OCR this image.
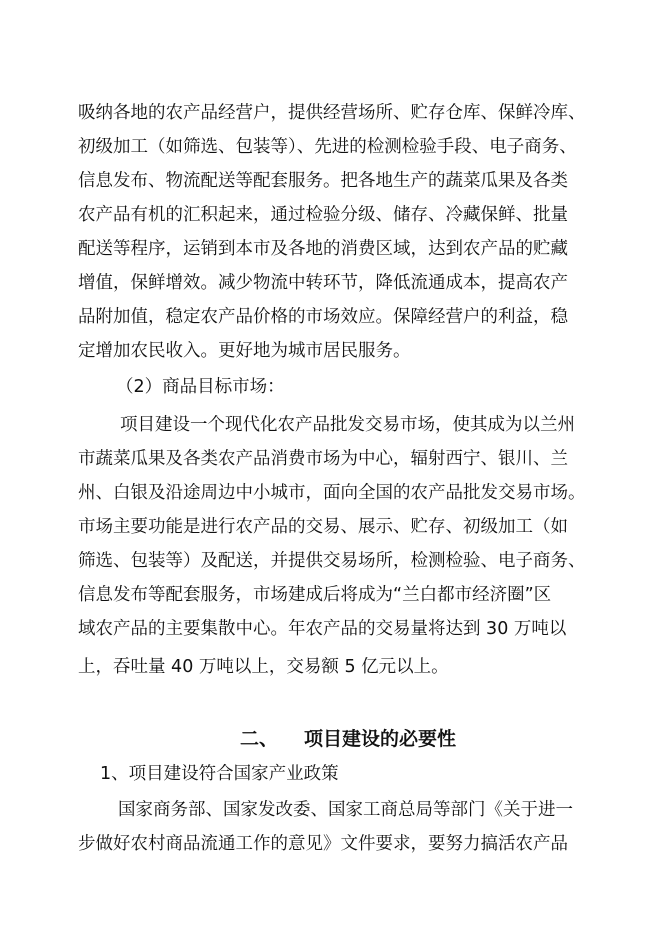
吸纳各地的农产品经营户，提供经营场所、贮存仓库、保鲜冷库、
初级加工（如筛选、包装等）、先进的检测检验手段、电子商务、
信息发布、物流配送等配套服务。把各地生产的蔬菜瓜果及各类
农产品有机的汇积起来，通过检验分级、储存、冷藏保鲜、批量
配送等程序，运销到本市及各地的消费区域，达到农产品的贮藏
增值，保鲜增效。减少物流中转环节，降低流通成本，提高农产
品附加值，稳定农产品价格的市场效应。保障经营户的利益，稳
定增加农民收入。更好地为城市居民服务。
（2）商品目标市场：
项目建设一个现代化农产品批发交易市场，使其成为以兰州
市蔬菜瓜果及各类农产品消费市场为中心，辐射西宁、银川、兰
州、白银及沿途周边中小城市，面向全国的农产品批发交易市场。
市场主要功能是进行农产品的交易、展示、贮存、初级加工（如
筛选、包装等）及配送，并提供交易场所，检测检验、电子商务、
信息发布等配套服务，市场建成后将成为“兰白都市经济圈”区
域农产品的主要集散中心。年农产品的交易量将达到 30 万吨以
上，吞吐量 40 万吨以上，交易额 5 亿元以上。
二、 项目建设的必要性
1、项目建设符合国家产业政策
国家商务部、国家发改委、国家工商总局等部门《关于进一
步做好农村商品流通工作的意见》文件要求，要努力搞活农产品
